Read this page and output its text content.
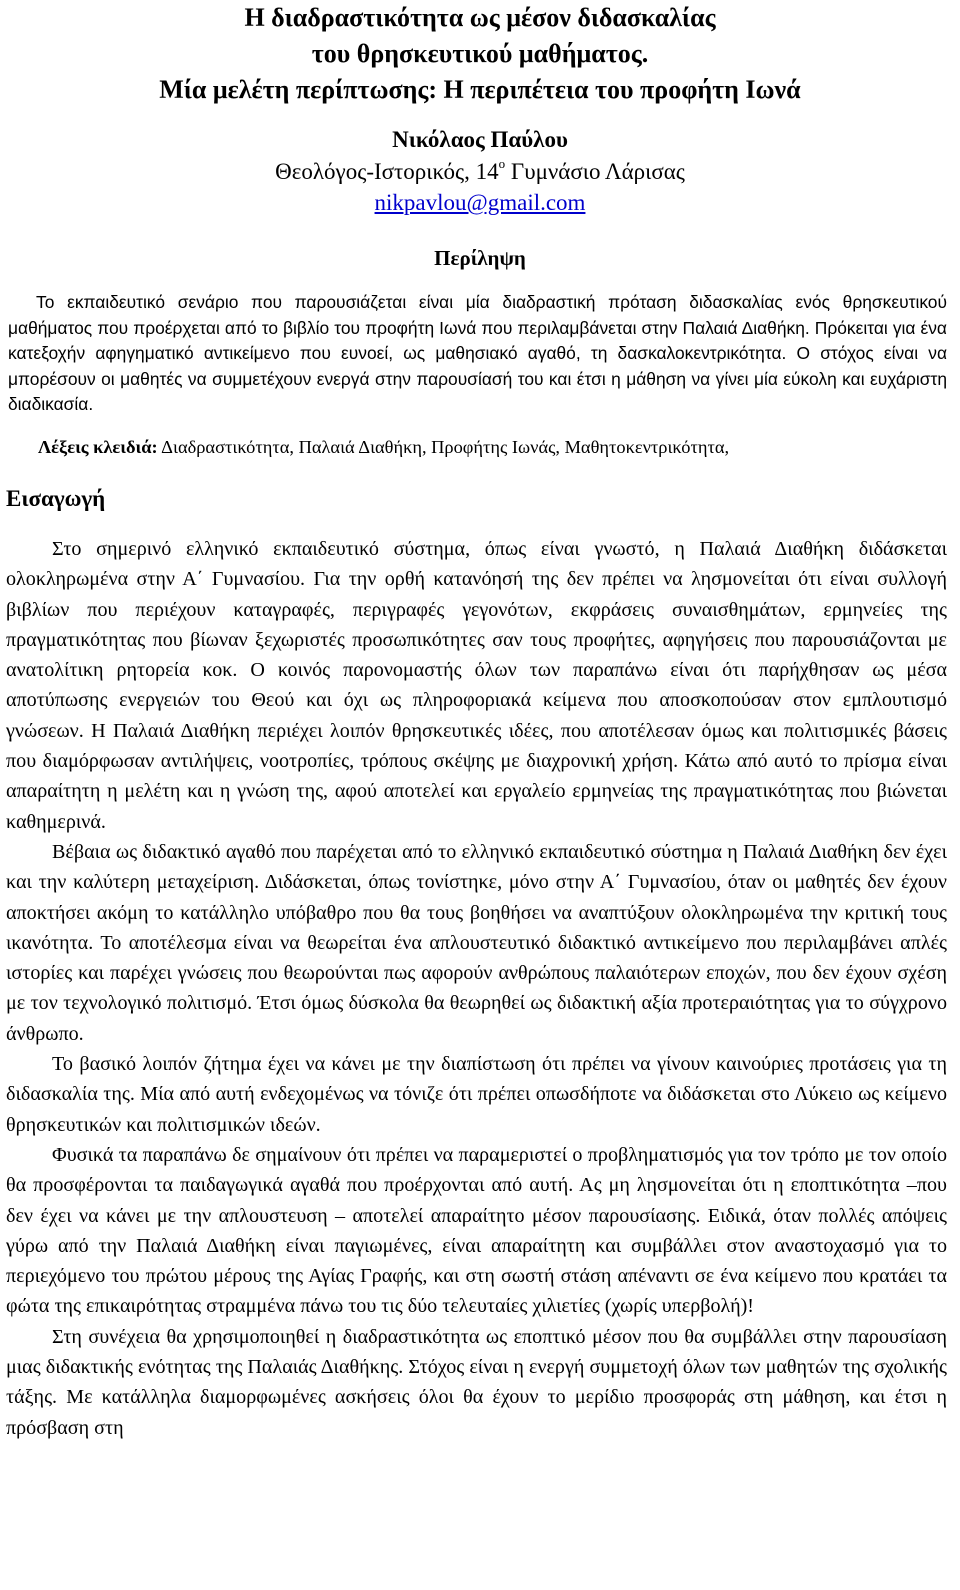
Η διαδραστικότητα ως μέσον διδασκαλίας
του θρησκευτικού μαθήματος.
Μία μελέτη περίπτωσης: Η περιπέτεια του προφήτη Ιωνά
Νικόλαος Παύλου
Θεολόγος-Ιστορικός, $14^o$ Γυμνάσιο Λάρισας
nikpavlou@gmail.com
Περίληψη

Το εκπαιδευτικό σενάριο που παρουσιάζεται είναι μία διαδραστική πρόταση διδασκαλίας ενός θρησκευτικού μαθήματος που προέρχεται από το βιβλίο του προφήτη Ιωνά που περιλαμβάνεται στην Παλαιά Διαθήκη. Πρόκειται για ένα κατεξοχήν αφηγηματικό αντικείμενο που ευνοεί, ως μαθησιακό αγαθό, τη δασκαλοκεντρικότητα. Ο στόχος είναι να μπορέσουν οι μαθητές να συμμετέχουν ενεργά στην παρουσίασή του και έτσι η μάθηση να γίνει μία εύκολη και ευχάριστη διαδικασία.

Λέξεις κλειδιά: Διαδραστικότητα, Παλαιά Διαθήκη, Προφήτης Ιωνάς, Μαθητοκεντρικότητα,
Εισαγωγή

Στο σημερινό ελληνικό εκπαιδευτικό σύστημα, όπως είναι γνωστό, η Παλαιά Διαθήκη διδάσκεται ολοκληρωμένα στην Α΄ Γυμνασίου. Για την ορθή κατανόησή της δεν πρέπει να λησμονείται ότι είναι συλλογή βιβλίων που περιέχουν καταγραφές, περιγραφές γεγονότων, εκφράσεις συναισθημάτων, ερμηνείες της πραγματικότητας που βίωναν ξεχωριστές προσωπικότητες σαν τους προφήτες, αφηγήσεις που παρουσιάζονται με ανατολίτικη ρητορεία κοκ. Ο κοινός παρονομαστής όλων των παραπάνω είναι ότι παρήχθησαν ως μέσα αποτύπωσης ενεργειών του Θεού και όχι ως πληροφοριακά κείμενα που αποσκοπούσαν στον εμπλουτισμό γνώσεων. Η Παλαιά Διαθήκη περιέχει λοιπόν θρησκευτικές ιδέες, που αποτέλεσαν όμως και πολιτισμικές βάσεις που διαμόρφωσαν αντιλήψεις, νοοτροπίες, τρόπους σκέψης με διαχρονική χρήση. Κάτω από αυτό το πρίσμα είναι απαραίτητη η μελέτη και η γνώση της, αφού αποτελεί και εργαλείο ερμηνείας της πραγματικότητας που βιώνεται καθημερινά.

Βέβαια ως διδακτικό αγαθό που παρέχεται από το ελληνικό εκπαιδευτικό σύστημα η Παλαιά Διαθήκη δεν έχει και την καλύτερη μεταχείριση. Διδάσκεται, όπως τονίστηκε, μόνο στην Α΄ Γυμνασίου, όταν οι μαθητές δεν έχουν αποκτήσει ακόμη το κατάλληλο υπόβαθρο που θα τους βοηθήσει να αναπτύξουν ολοκληρωμένα την κριτική τους ικανότητα. Το αποτέλεσμα είναι να θεωρείται ένα απλουστευτικό διδακτικό αντικείμενο που περιλαμβάνει απλές ιστορίες και παρέχει γνώσεις που θεωρούνται πως αφορούν ανθρώπους παλαιότερων εποχών, που δεν έχουν σχέση με τον τεχνολογικό πολιτισμό. Έτσι όμως δύσκολα θα θεωρηθεί ως διδακτική αξία προτεραιότητας για το σύγχρονο άνθρωπο.

Το βασικό λοιπόν ζήτημα έχει να κάνει με την διαπίστωση ότι πρέπει να γίνουν καινούριες προτάσεις για τη διδασκαλία της. Μία από αυτή ενδεχομένως να τόνιζε ότι πρέπει οπωσδήποτε να διδάσκεται στο Λύκειο ως κείμενο θρησκευτικών και πολιτισμικών ιδεών.

Φυσικά τα παραπάνω δε σημαίνουν ότι πρέπει να παραμεριστεί ο προβληματισμός για τον τρόπο με τον οποίο θα προσφέρονται τα παιδαγωγικά αγαθά που προέρχονται από αυτή. Ας μη λησμονείται ότι η εποπτικότητα –που δεν έχει να κάνει με την απλουστευση – αποτελεί απαραίτητο μέσον παρουσίασης. Ειδικά, όταν πολλές απόψεις γύρω από την Παλαιά Διαθήκη είναι παγιωμένες, είναι απαραίτητη και συμβάλλει στον αναστοχασμό για το περιεχόμενο του πρώτου μέρους της Αγίας Γραφής, και στη σωστή στάση απέναντι σε ένα κείμενο που κρατάει τα φώτα της επικαιρότητας στραμμένα πάνω του τις δύο τελευταίες χιλιετίες (χωρίς υπερβολή)!

Στη συνέχεια θα χρησιμοποιηθεί η διαδραστικότητα ως εποπτικό μέσον που θα συμβάλλει στην παρουσίαση μιας διδακτικής ενότητας της Παλαιάς Διαθήκης. Στόχος είναι η ενεργή συμμετοχή όλων των μαθητών της σχολικής τάξης. Με κατάλληλα διαμορφωμένες ασκήσεις όλοι θα έχουν το μερίδιο προσφοράς στη μάθηση, και έτσι η πρόσβαση στη
